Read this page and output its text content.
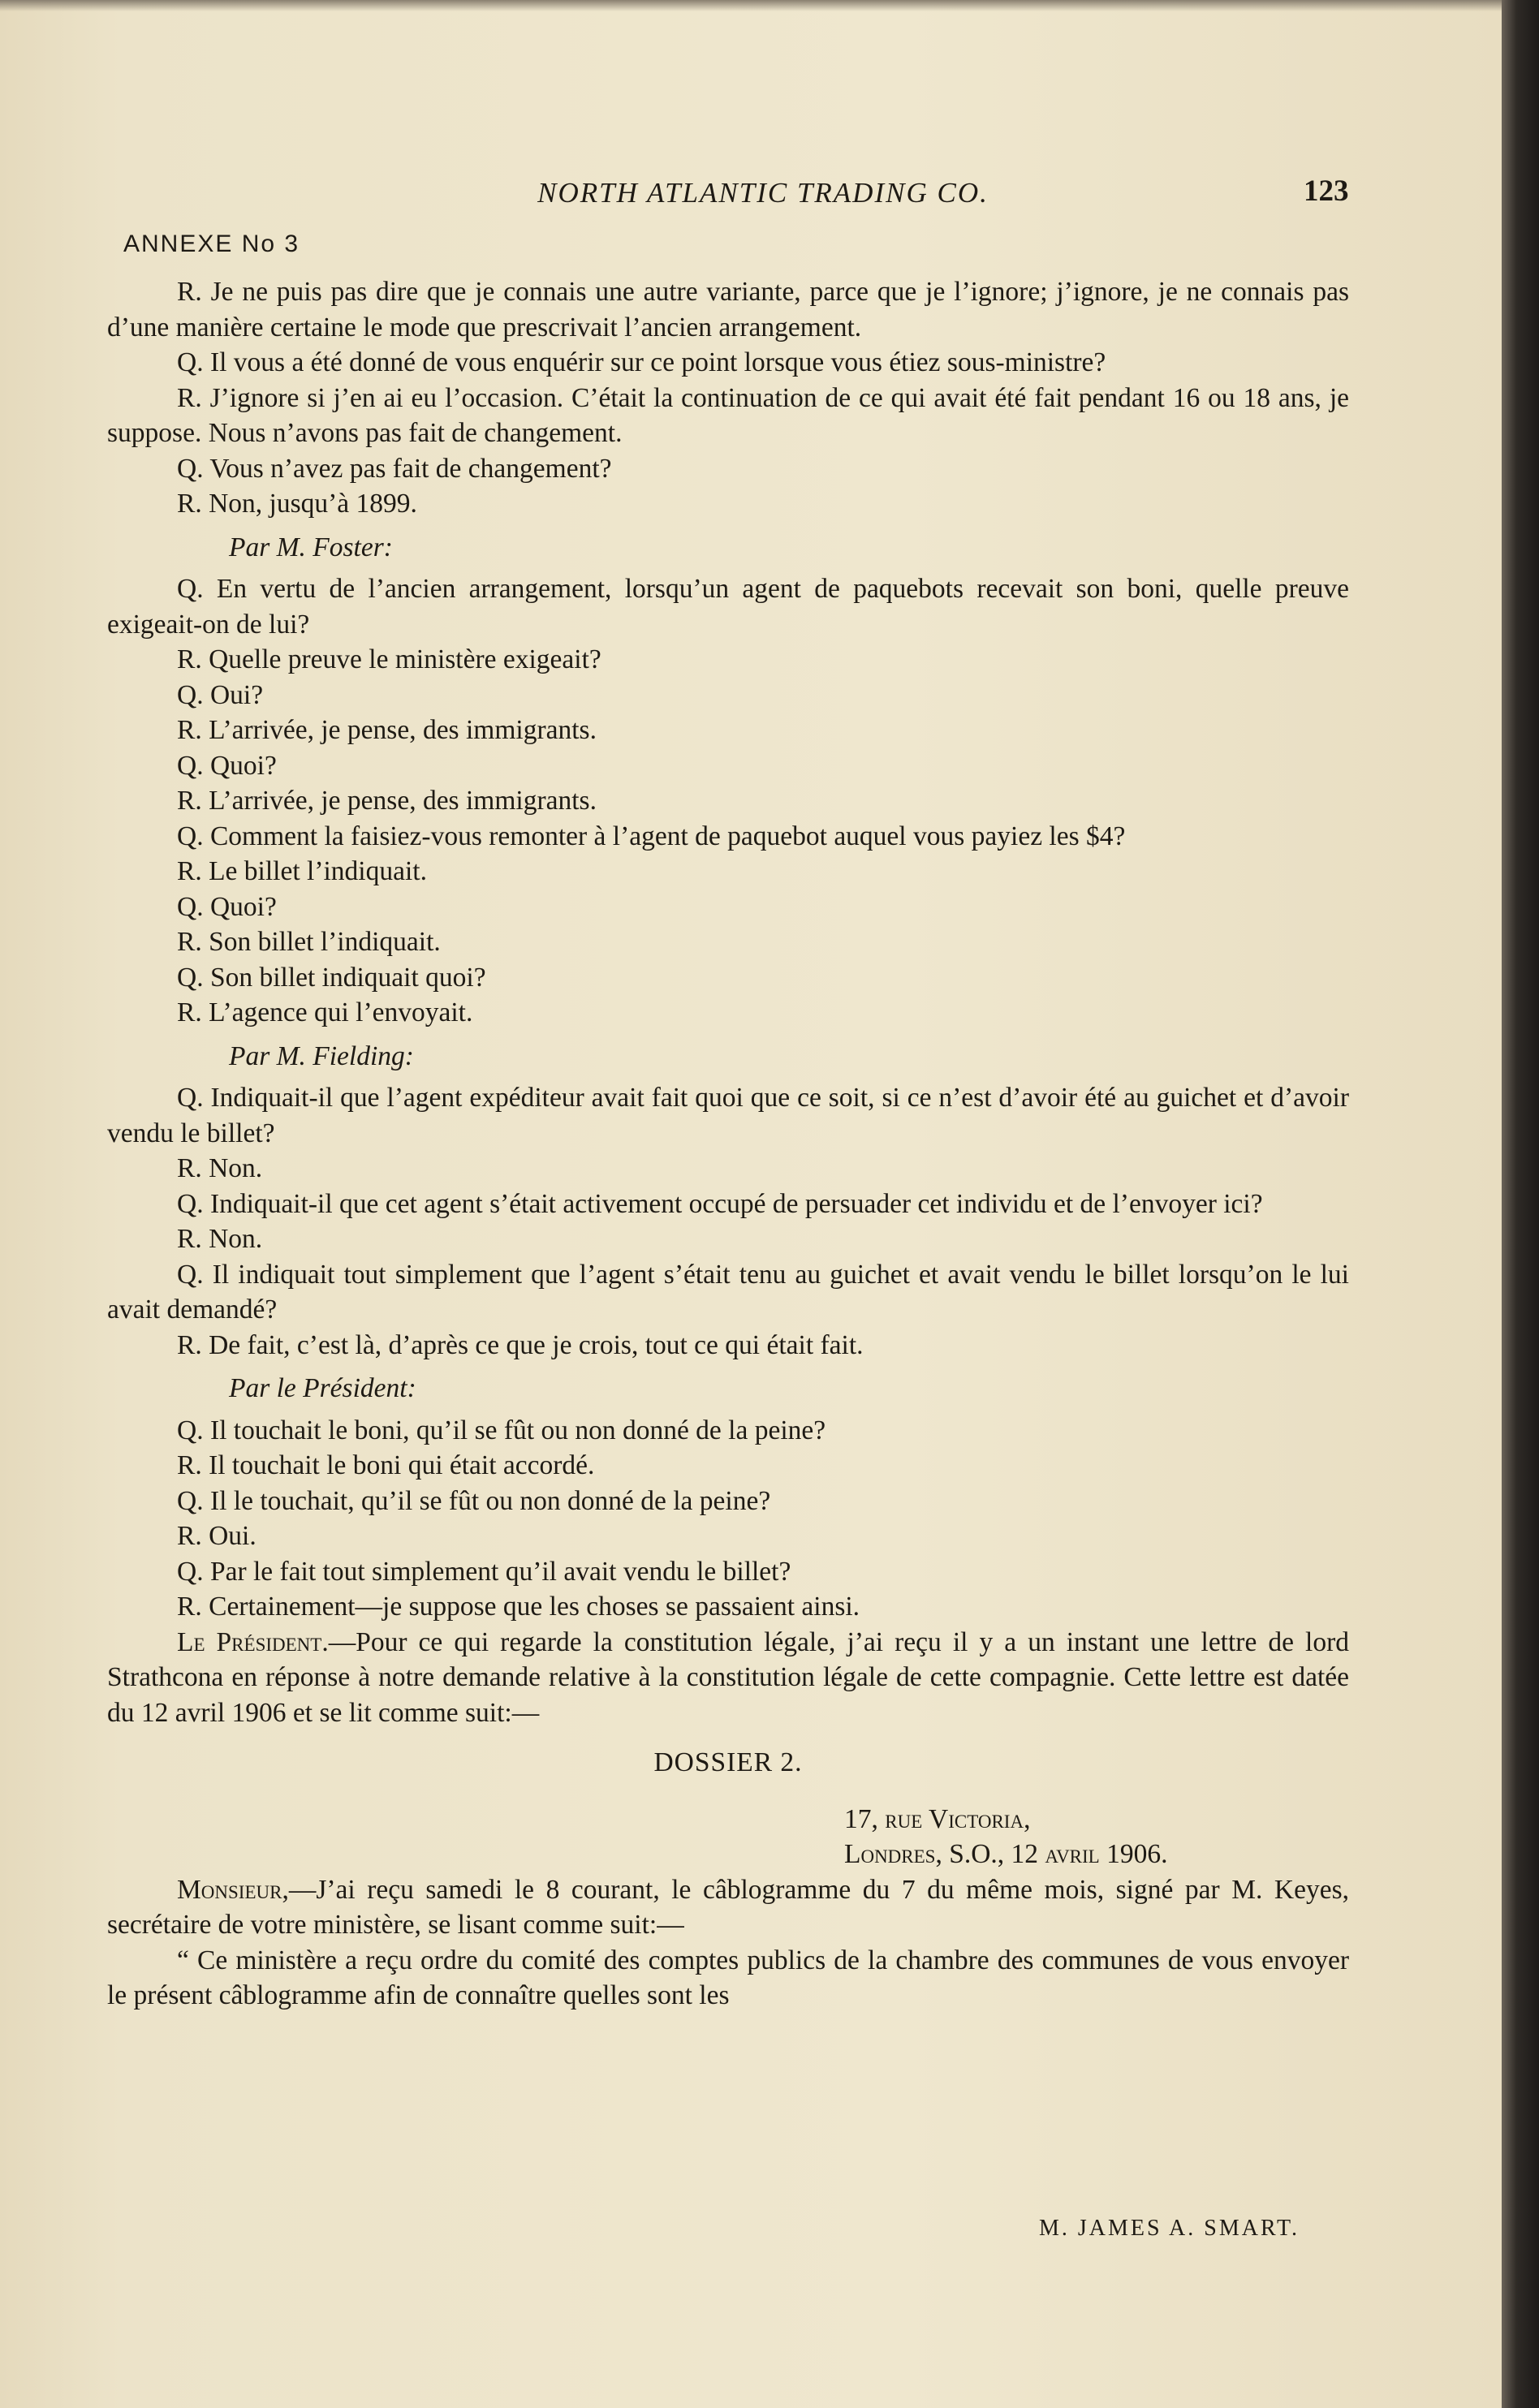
NORTH ATLANTIC TRADING CO.	123
ANNEXE No 3

R. Je ne puis pas dire que je connais une autre variante, parce que je l’ignore; j’ignore, je ne connais pas d’une manière certaine le mode que prescrivait l’ancien arrangement.

Q. Il vous a été donné de vous enquérir sur ce point lorsque vous étiez sous-ministre?

R. J’ignore si j’en ai eu l’occasion. C’était la continuation de ce qui avait été fait pendant 16 ou 18 ans, je suppose. Nous n’avons pas fait de changement.

Q. Vous n’avez pas fait de changement?

R. Non, jusqu’à 1899.

Par M. Foster:

Q. En vertu de l’ancien arrangement, lorsqu’un agent de paquebots recevait son boni, quelle preuve exigeait-on de lui?

R. Quelle preuve le ministère exigeait?

Q. Oui?

R. L’arrivée, je pense, des immigrants.

Q. Quoi?

R. L’arrivée, je pense, des immigrants.

Q. Comment la faisiez-vous remonter à l’agent de paquebot auquel vous payiez les $4?

R. Le billet l’indiquait.

Q. Quoi?

R. Son billet l’indiquait.

Q. Son billet indiquait quoi?

R. L’agence qui l’envoyait.

Par M. Fielding:

Q. Indiquait-il que l’agent expéditeur avait fait quoi que ce soit, si ce n’est d’avoir été au guichet et d’avoir vendu le billet?

R. Non.

Q. Indiquait-il que cet agent s’était activement occupé de persuader cet individu et de l’envoyer ici?

R. Non.

Q. Il indiquait tout simplement que l’agent s’était tenu au guichet et avait vendu le billet lorsqu’on le lui avait demandé?

R. De fait, c’est là, d’après ce que je crois, tout ce qui était fait.

Par le Président:

Q. Il touchait le boni, qu’il se fût ou non donné de la peine?

R. Il touchait le boni qui était accordé.

Q. Il le touchait, qu’il se fût ou non donné de la peine?

R. Oui.

Q. Par le fait tout simplement qu’il avait vendu le billet?

R. Certainement—je suppose que les choses se passaient ainsi.

Le Président.—Pour ce qui regarde la constitution légale, j’ai reçu il y a un instant une lettre de lord Strathcona en réponse à notre demande relative à la constitution légale de cette compagnie. Cette lettre est datée du 12 avril 1906 et se lit comme suit:—

DOSSIER 2.

17, rue Victoria,

Londres, S.O., 12 avril 1906.

Monsieur,—J’ai reçu samedi le 8 courant, le câblogramme du 7 du même mois, signé par M. Keyes, secrétaire de votre ministère, se lisant comme suit:—

“ Ce ministère a reçu ordre du comité des comptes publics de la chambre des communes de vous envoyer le présent câblogramme afin de connaître quelles sont les

M. JAMES A. SMART.
